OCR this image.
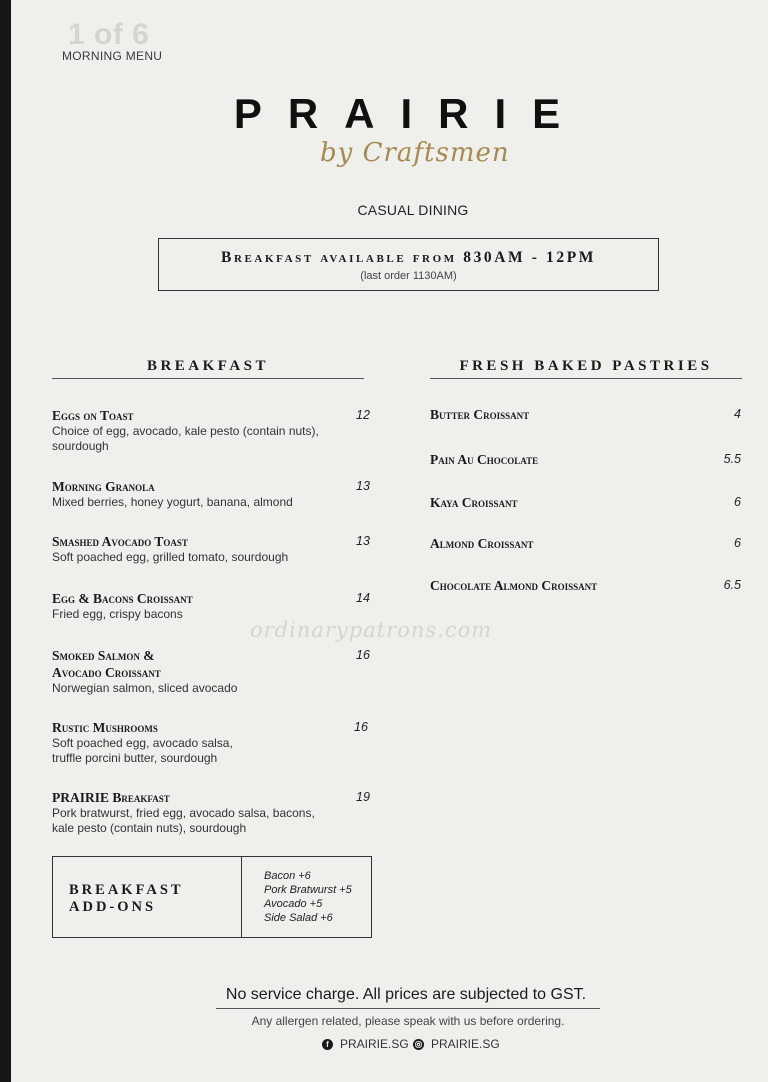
1 of 6
MORNING MENU
PRAIRIE
by Craftsmen
CASUAL DINING
Breakfast available from 830AM - 12PM
(last order 1130AM)
BREAKFAST
Eggs on Toast
Choice of egg, avocado, kale pesto (contain nuts),
sourdough
12
Morning Granola
Mixed berries, honey yogurt, banana, almond
13
Smashed Avocado Toast
Soft poached egg, grilled tomato, sourdough
13
Egg & Bacons Croissant
Fried egg, crispy bacons
14
Smoked Salmon &
Avocado Croissant
Norwegian salmon, sliced avocado
16
Rustic Mushrooms
Soft poached egg, avocado salsa,
truffle porcini butter, sourdough
16
PRAIRIE Breakfast
Pork bratwurst, fried egg, avocado salsa, bacons,
kale pesto (contain nuts), sourdough
19
BREAKFAST
ADD-ONS
Bacon +6
Pork Bratwurst +5
Avocado +5
Side Salad +6
FRESH BAKED PASTRIES
Butter Croissant	4
Pain Au Chocolate	5.5
Kaya Croissant	6
Almond Croissant	6
Chocolate Almond Croissant	6.5
ordinarypatrons.com
No service charge. All prices are subjected to GST.
Any allergen related, please speak with us before ordering.
f PRAIRIE.SG PRAIRIE.SG
